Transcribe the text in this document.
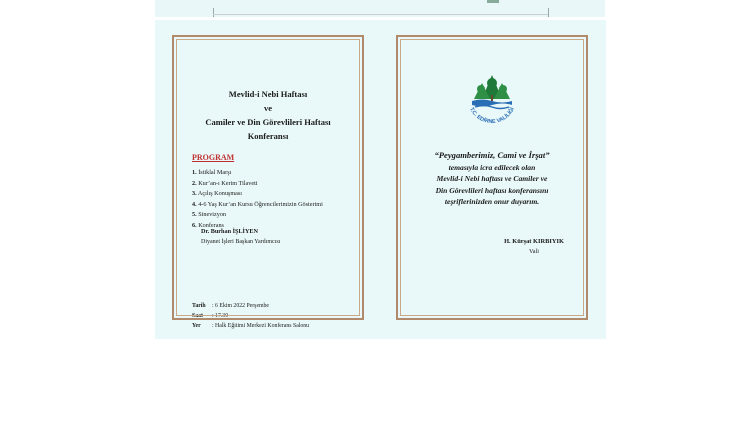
Mevlid-i Nebi Haftası
ve
Camiler ve Din Görevlileri Haftası
Konferansı
PROGRAM
1. İstiklal Marşı
2. Kur’an-ı Kerim Tilaveti
3. Açılış Konuşması
4. 4-6 Yaş Kur’an Kursu Öğrencilerimizin Gösterimi
5. Sinevizyon
6. Konferans
Dr. Burhan İŞLİYEN
Diyanet İşleri Başkan Yardımcısı
Tarih : 6 Ekim 2022 Perşembe
Saat : 17.30
Yer : Halk Eğitimi Merkezi Konferans Salonu
T.C. EDİRNE VALİLİĞİ
“Peygamberimiz, Cami ve İrşat”
temasıyla icra edilecek olan
Mevlid-i Nebi haftası ve Camiler ve
Din Görevlileri haftası konferansını
teşriflerinizden onur duyarım.
H. Kürşat KIRBIYIK
Vali
